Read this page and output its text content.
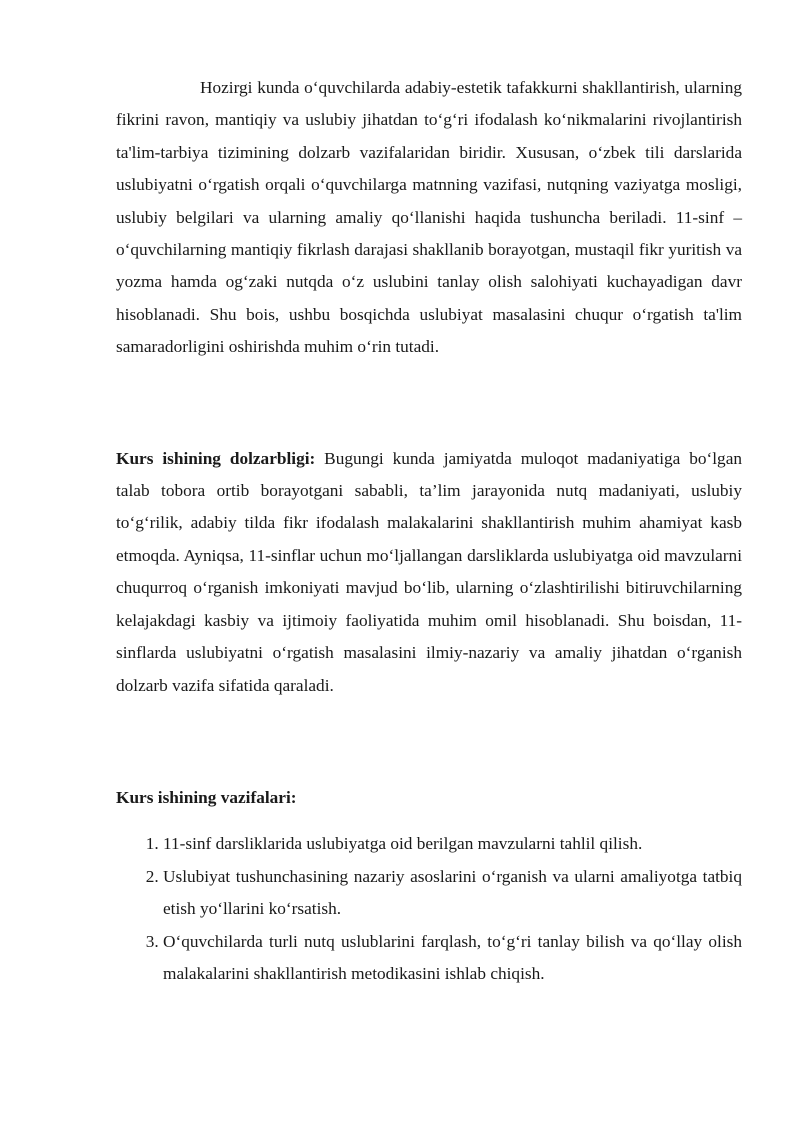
Hozirgi kunda o‘quvchilarda adabiy-estetik tafakkurni shakllantirish, ularning fikrini ravon, mantiqiy va uslubiy jihatdan to‘g‘ri ifodalash ko‘nikmalarini rivojlantirish ta'lim-tarbiya tizimining dolzarb vazifalaridan biridir. Xususan, o‘zbek tili darslarida uslubiyatni o‘rgatish orqali o‘quvchilarga matnning vazifasi, nutqning vaziyatga mosligi, uslubiy belgilari va ularning amaliy qo‘llanishi haqida tushuncha beriladi. 11-sinf – o‘quvchilarning mantiqiy fikrlash darajasi shakllanib borayotgan, mustaqil fikr yuritish va yozma hamda og‘zaki nutqda o‘z uslubini tanlay olish salohiyati kuchayadigan davr hisoblanadi. Shu bois, ushbu bosqichda uslubiyat masalasini chuqur o‘rgatish ta'lim samaradorligini oshirishda muhim o‘rin tutadi.

Kurs ishining dolzarbligi: Bugungi kunda jamiyatda muloqot madaniyatiga bo‘lgan talab tobora ortib borayotgani sababli, ta’lim jarayonida nutq madaniyati, uslubiy to‘g‘rilik, adabiy tilda fikr ifodalash malakalarini shakllantirish muhim ahamiyat kasb etmoqda. Ayniqsa, 11-sinflar uchun mo‘ljallangan darsliklarda uslubiyatga oid mavzularni chuqurroq o‘rganish imkoniyati mavjud bo‘lib, ularning o‘zlashtirilishi bitiruvchilarning kelajakdagi kasbiy va ijtimoiy faoliyatida muhim omil hisoblanadi. Shu boisdan, 11-sinflarda uslubiyatni o‘rgatish masalasini ilmiy-nazariy va amaliy jihatdan o‘rganish dolzarb vazifa sifatida qaraladi.

Kurs ishining vazifalari:

1. 11-sinf darsliklarida uslubiyatga oid berilgan mavzularni tahlil qilish.
2. Uslubiyat tushunchasining nazariy asoslarini o‘rganish va ularni amaliyotga tatbiq etish yo‘llarini ko‘rsatish.
3. O‘quvchilarda turli nutq uslublarini farqlash, to‘g‘ri tanlay bilish va qo‘llay olish malakalarini shakllantirish metodikasini ishlab chiqish.
